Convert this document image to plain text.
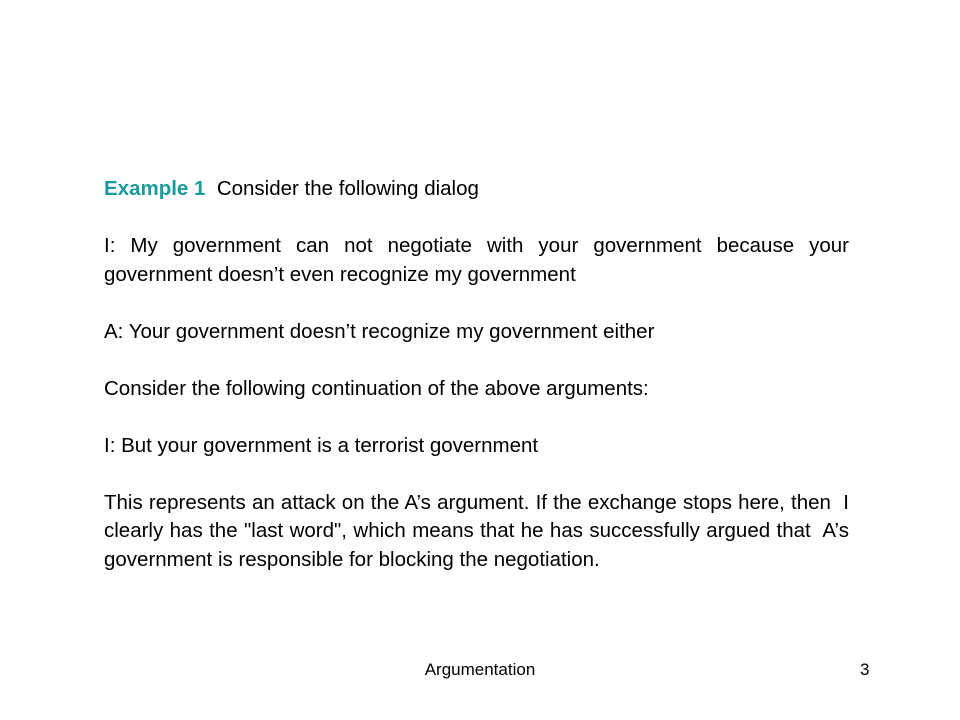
Example 1  Consider the following dialog

I: My government can not negotiate with your government because your government doesn’t even recognize my government

A: Your government doesn’t recognize my government either

Consider the following continuation of the above arguments:

I: But your government is a terrorist government

This represents an attack on the A’s argument. If the exchange stops here, then  I   clearly has the "last word", which means that he has successfully argued that  A’s  government is responsible for blocking the negotiation.

Argumentation	3
